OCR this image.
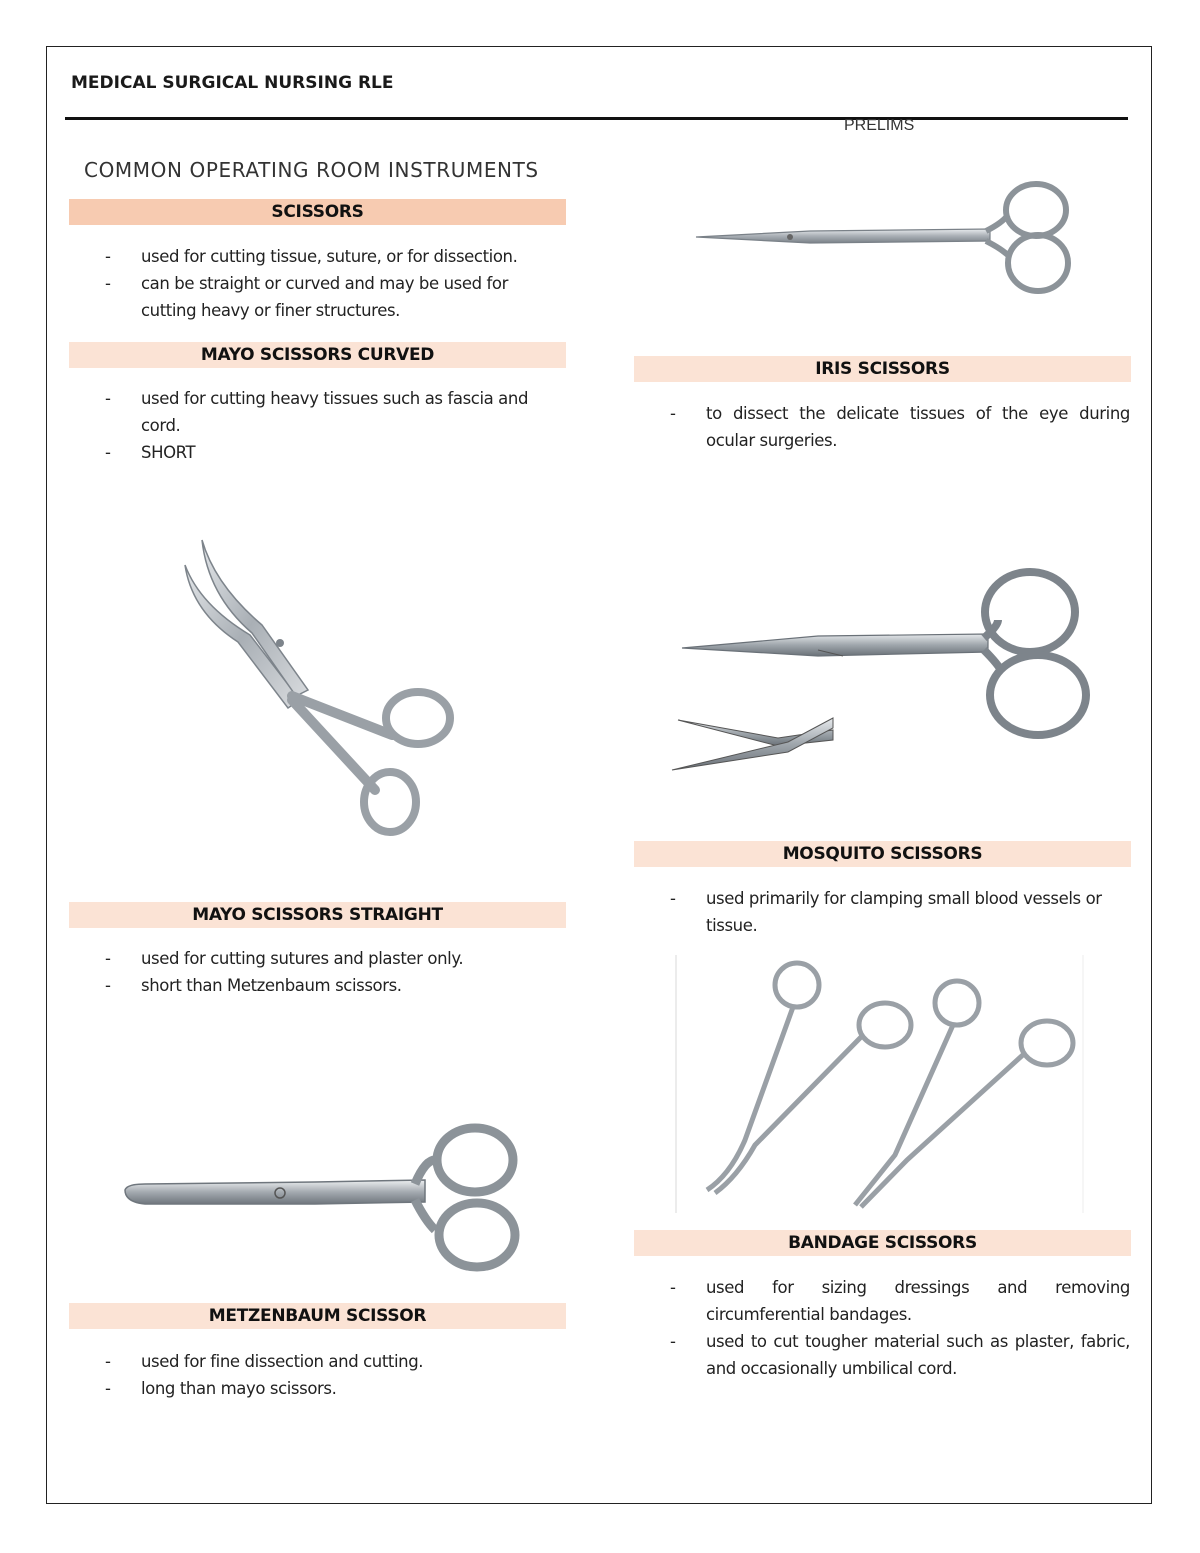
MEDICAL SURGICAL NURSING RLE
PRELIMS
COMMON OPERATING ROOM INSTRUMENTS
SCISSORS
- used for cutting tissue, suture, or for dissection.
- can be straight or curved and may be used for cutting heavy or finer structures.
MAYO SCISSORS CURVED
- used for cutting heavy tissues such as fascia and cord.
- SHORT
MAYO SCISSORS STRAIGHT
- used for cutting sutures and plaster only.
- short than Metzenbaum scissors.
METZENBAUM SCISSOR
- used for fine dissection and cutting.
- long than mayo scissors.
IRIS SCISSORS
- to dissect the delicate tissues of the eye during ocular surgeries.
MOSQUITO SCISSORS
- used primarily for clamping small blood vessels or tissue.
BANDAGE SCISSORS
- used for sizing dressings and removing circumferential bandages.
- used to cut tougher material such as plaster, fabric, and occasionally umbilical cord.
